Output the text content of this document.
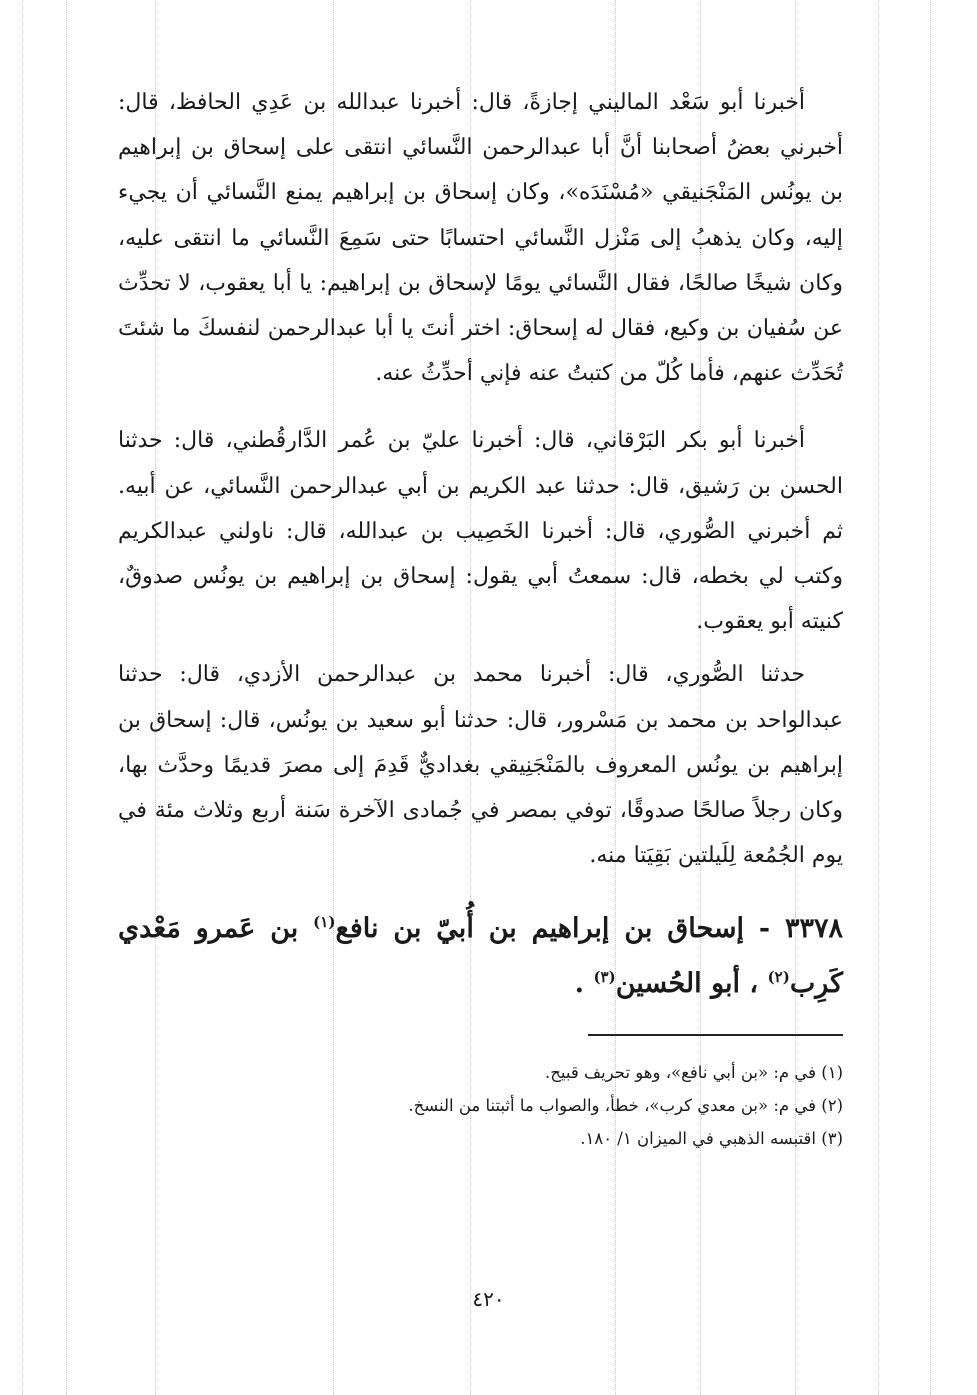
أخبرنا أبو سَعْد الماليني إجازةً، قال: أخبرنا عبدالله بن عَدِي الحافظ، قال: أخبرني بعضُ أصحابنا أنَّ أبا عبدالرحمن النَّسائي انتقى على إسحاق بن إبراهيم بن يونُس المَنْجَنيقي «مُسْنَدَه»، وكان إسحاق بن إبراهيم يمنع النَّسائي أن يجيء إليه، وكان يذهبُ إلى مَنْزل النَّسائي احتسابًا حتى سَمِعَ النَّسائي ما انتقى عليه، وكان شيخًا صالحًا، فقال النَّسائي يومًا لإسحاق بن إبراهيم: يا أبا يعقوب، لا تحدِّث عن سُفيان بن وكيع، فقال له إسحاق: اختر أنتَ يا أبا عبدالرحمن لنفسكَ ما شئتَ تُحَدِّث عنهم، فأما كُلّ من كتبتُ عنه فإني أحدِّثُ عنه.

أخبرنا أبو بكر البَرْقاني، قال: أخبرنا عليّ بن عُمر الدَّارقُطني، قال: حدثنا الحسن بن رَشيق، قال: حدثنا عبد الكريم بن أبي عبدالرحمن النَّسائي، عن أبيه. ثم أخبرني الصُّوري، قال: أخبرنا الخَصِيب بن عبدالله، قال: ناولني عبدالكريم وكتب لي بخطه، قال: سمعتُ أبي يقول: إسحاق بن إبراهيم بن يونُس صدوقٌ، كنيته أبو يعقوب.

حدثنا الصُّوري، قال: أخبرنا محمد بن عبدالرحمن الأزدي، قال: حدثنا عبدالواحد بن محمد بن مَسْرور، قال: حدثنا أبو سعيد بن يونُس، قال: إسحاق بن إبراهيم بن يونُس المعروف بالمَنْجَنِيقي بغداديٌّ قَدِمَ إلى مصرَ قديمًا وحدَّث بها، وكان رجلاً صالحًا صدوقًا، توفي بمصر في جُمادى الآخرة سَنة أربع وثلاث مئة في يوم الجُمُعة لِلَيلتين بَقِيَتا منه.

٣٣٧٨ - إسحاق بن إبراهيم بن أُبيّ بن نافع$^{(١)}$ بن عَمرو مَعْدي كَرِب$^{(٢)}$ ، أبو الحُسين$^{(٣)}$ .
(١) في م: «بن أبي نافع»، وهو تحريف قبيح.
(٢) في م: «بن معدي كرب»، خطأ، والصواب ما أثبتنا من النسخ.
(٣) اقتبسه الذهبي في الميزان ١/ ١٨٠.
٤٢٠
